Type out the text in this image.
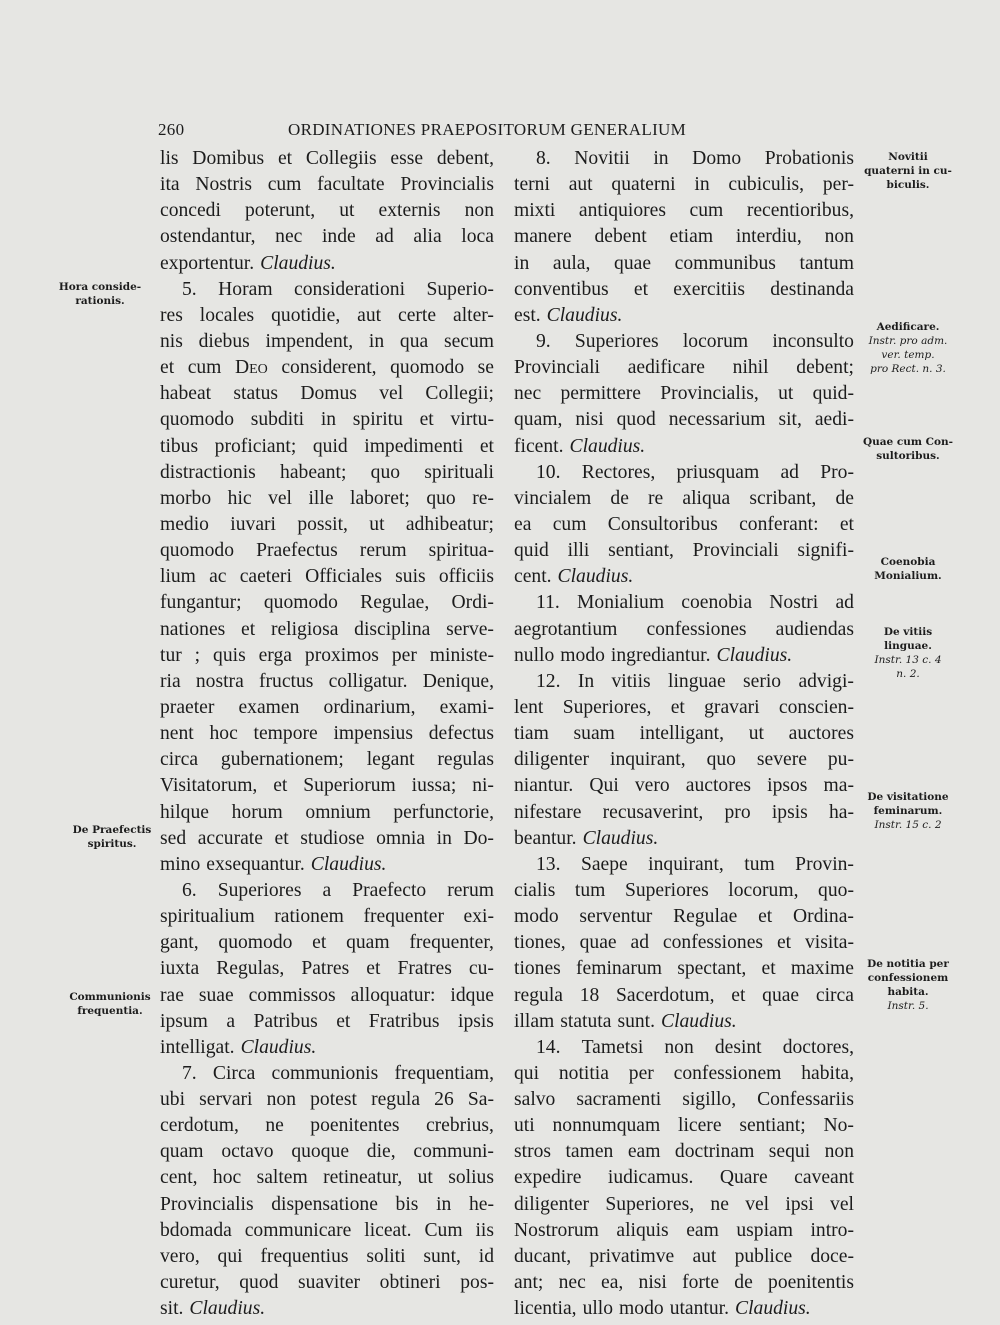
260	ORDINATIONES PRAEPOSITORUM GENERALIUM
lis Domibus et Collegiis esse debent,
ita Nostris cum facultate Provincialis
concedi poterunt, ut externis non
ostendantur, nec inde ad alia loca
exportentur. Claudius.
5. Horam considerationi Superio-
res locales quotidie, aut certe alter-
nis diebus impendent, in qua secum
et cum Deo considerent, quomodo se
habeat status Domus vel Collegii;
quomodo subditi in spiritu et virtu-
tibus proficiant; quid impedimenti et
distractionis habeant; quo spirituali
morbo hic vel ille laboret; quo re-
medio iuvari possit, ut adhibeatur;
quomodo Praefectus rerum spiritua-
lium ac caeteri Officiales suis officiis
fungantur; quomodo Regulae, Ordi-
nationes et religiosa disciplina serve-
tur ; quis erga proximos per ministe-
ria nostra fructus colligatur. Denique,
praeter examen ordinarium, exami-
nent hoc tempore impensius defectus
circa gubernationem; legant regulas
Visitatorum, et Superiorum iussa; ni-
hilque horum omnium perfunctorie,
sed accurate et studiose omnia in Do-
mino exsequantur. Claudius.
6. Superiores a Praefecto rerum
spiritualium rationem frequenter exi-
gant, quomodo et quam frequenter,
iuxta Regulas, Patres et Fratres cu-
rae suae commissos alloquatur: idque
ipsum a Patribus et Fratribus ipsis
intelligat. Claudius.
7. Circa communionis frequentiam,
ubi servari non potest regula 26 Sa-
cerdotum, ne poenitentes crebrius,
quam octavo quoque die, communi-
cent, hoc saltem retineatur, ut solius
Provincialis dispensatione bis in he-
bdomada communicare liceat. Cum iis
vero, qui frequentius soliti sunt, id
curetur, quod suaviter obtineri pos-
sit. Claudius.
8. Novitii in Domo Probationis
terni aut quaterni in cubiculis, per-
mixti antiquiores cum recentioribus,
manere debent etiam interdiu, non
in aula, quae communibus tantum
conventibus et exercitiis destinanda
est. Claudius.
9. Superiores locorum inconsulto
Provinciali aedificare nihil debent;
nec permittere Provincialis, ut quid-
quam, nisi quod necessarium sit, aedi-
ficent. Claudius.
10. Rectores, priusquam ad Pro-
vincialem de re aliqua scribant, de
ea cum Consultoribus conferant: et
quid illi sentiant, Provinciali signifi-
cent. Claudius.
11. Monialium coenobia Nostri ad
aegrotantium confessiones audiendas
nullo modo ingrediantur. Claudius.
12. In vitiis linguae serio advigi-
lent Superiores, et gravari conscien-
tiam suam intelligant, ut auctores
diligenter inquirant, quo severe pu-
niantur. Qui vero auctores ipsos ma-
nifestare recusaverint, pro ipsis ha-
beantur. Claudius.
13. Saepe inquirant, tum Provin-
cialis tum Superiores locorum, quo-
modo serventur Regulae et Ordina-
tiones, quae ad confessiones et visita-
tiones feminarum spectant, et maxime
regula 18 Sacerdotum, et quae circa
illam statuta sunt. Claudius.
14. Tametsi non desint doctores,
qui notitia per confessionem habita,
salvo sacramenti sigillo, Confessariis
uti nonnumquam licere sentiant; No-
stros tamen eam doctrinam sequi non
expedire iudicamus. Quare caveant
diligenter Superiores, ne vel ipsi vel
Nostrorum aliquis eam uspiam intro-
ducant, privatimve aut publice doce-
ant; nec ea, nisi forte de poenitentis
licentia, ullo modo utantur. Claudius.
Hora conside-
rationis.
De Praefectis
spiritus.
Communionis
frequentia.
Novitii
quaterni in cu-
biculis.
Aedificare.
Instr. pro adm.
ver. temp.
pro Rect. n. 3.
Quae cum Con-
sultoribus.
Coenobia
Monialium.
De vitiis
linguae.
Instr. 13 c. 4
n. 2.
De visitatione
feminarum.
Instr. 15 c. 2
De notitia per
confessionem
habita.
Instr. 5.
